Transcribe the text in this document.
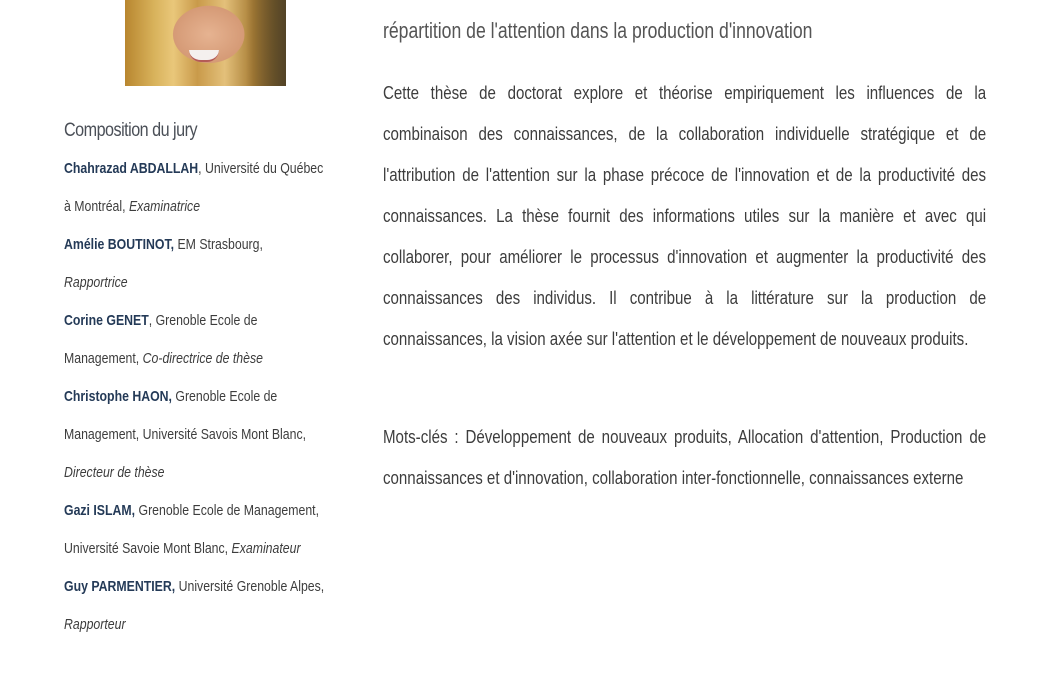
Composition du jury
Chahrazad ABDALLAH, Université du Québec à Montréal, Examinatrice
Amélie BOUTINOT, EM Strasbourg, Rapportrice
Corine GENET, Grenoble Ecole de Management, Co-directrice de thèse
Christophe HAON, Grenoble Ecole de Management, Université Savois Mont Blanc, Directeur de thèse
Gazi ISLAM, Grenoble Ecole de Management, Université Savoie Mont Blanc, Examinateur
Guy PARMENTIER, Université Grenoble Alpes, Rapporteur
répartition de l'attention dans la production d'innovation
Cette thèse de doctorat explore et théorise empiriquement les influences de la combinaison des connaissances, de la collaboration individuelle stratégique et de l'attribution de l'attention sur la phase précoce de l'innovation et de la productivité des connaissances. La thèse fournit des informations utiles sur la manière et avec qui collaborer, pour améliorer le processus d'innovation et augmenter la productivité des connaissances des individus. Il contribue à la littérature sur la production de connaissances, la vision axée sur l'attention et le développement de nouveaux produits.
Mots-clés : Développement de nouveaux produits, Allocation d'attention, Production de connaissances et d'innovation, collaboration inter-fonctionnelle, connaissances externe
